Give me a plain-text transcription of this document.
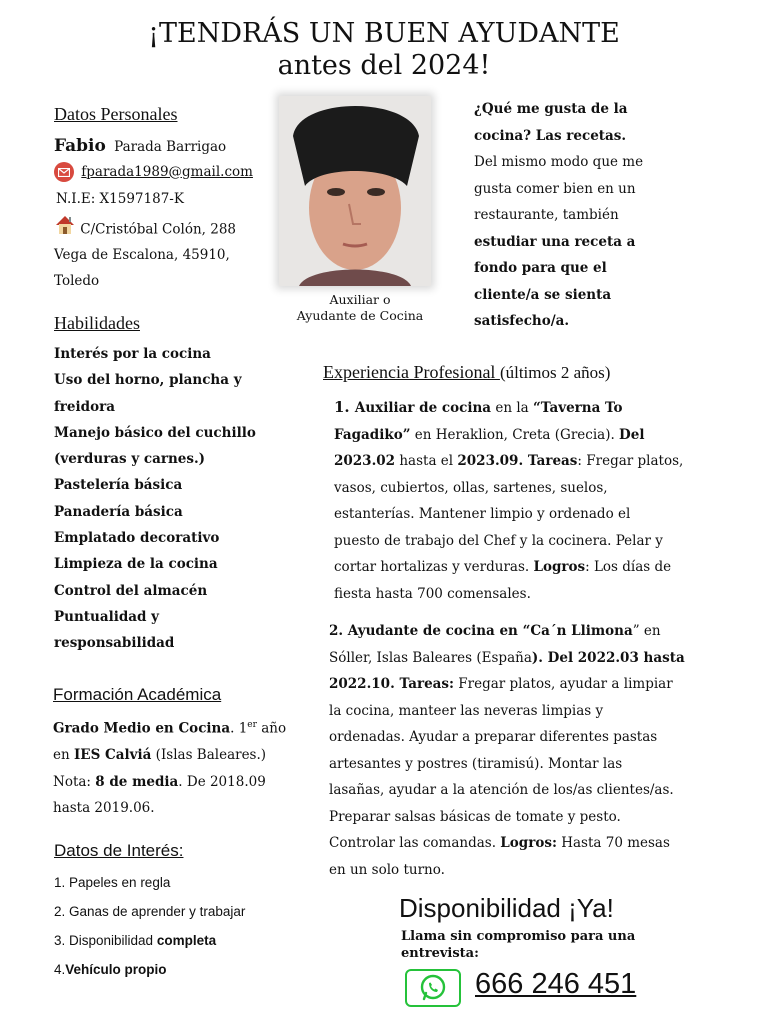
¡TENDRÁS UN BUEN AYUDANTE
antes del 2024!
Datos Personales
Fabio Parada Barrigao
fparada1989@gmail.com
N.I.E: X1597187-K
C/Cristóbal Colón, 288
Vega de Escalona, 45910,
Toledo
Auxiliar o
Ayudante de Cocina
¿Qué me gusta de la
cocina? Las recetas.
Del mismo modo que me
gusta comer bien en un
restaurante, también
estudiar una receta a
fondo para que el
cliente/a se sienta
satisfecho/a.
Habilidades
Interés por la cocina
Uso del horno, plancha y
freidora
Manejo básico del cuchillo
(verduras y carnes.)
Pastelería básica
Panadería básica
Emplatado decorativo
Limpieza de la cocina
Control del almacén
Puntualidad y
responsabilidad
Formación Académica
Grado Medio en Cocina. 1er año
en IES Calviá (Islas Baleares.)
Nota: 8 de media. De 2018.09
hasta 2019.06.
Datos de Interés:
1. Papeles en regla
2. Ganas de aprender y trabajar
3. Disponibilidad completa
4.Vehículo propio
Experiencia Profesional (últimos 2 años)
1. Auxiliar de cocina en la “Taverna To
Fagadiko” en Heraklion, Creta (Grecia). Del
2023.02 hasta el 2023.09. Tareas: Fregar platos,
vasos, cubiertos, ollas, sartenes, suelos,
estanterías. Mantener limpio y ordenado el
puesto de trabajo del Chef y la cocinera. Pelar y
cortar hortalizas y verduras. Logros: Los días de
fiesta hasta 700 comensales.
2. Ayudante de cocina en “Ca´n Llimona” en
Sóller, Islas Baleares (España). Del 2022.03 hasta
2022.10. Tareas: Fregar platos, ayudar a limpiar
la cocina, manteer las neveras limpias y
ordenadas. Ayudar a preparar diferentes pastas
artesantes y postres (tiramisú). Montar las
lasañas, ayudar a la atención de los/as clientes/as.
Preparar salsas básicas de tomate y pesto.
Controlar las comandas. Logros: Hasta 70 mesas
en un solo turno.
Disponibilidad ¡Ya!
Llama sin compromiso para una
entrevista:
666 246 451
